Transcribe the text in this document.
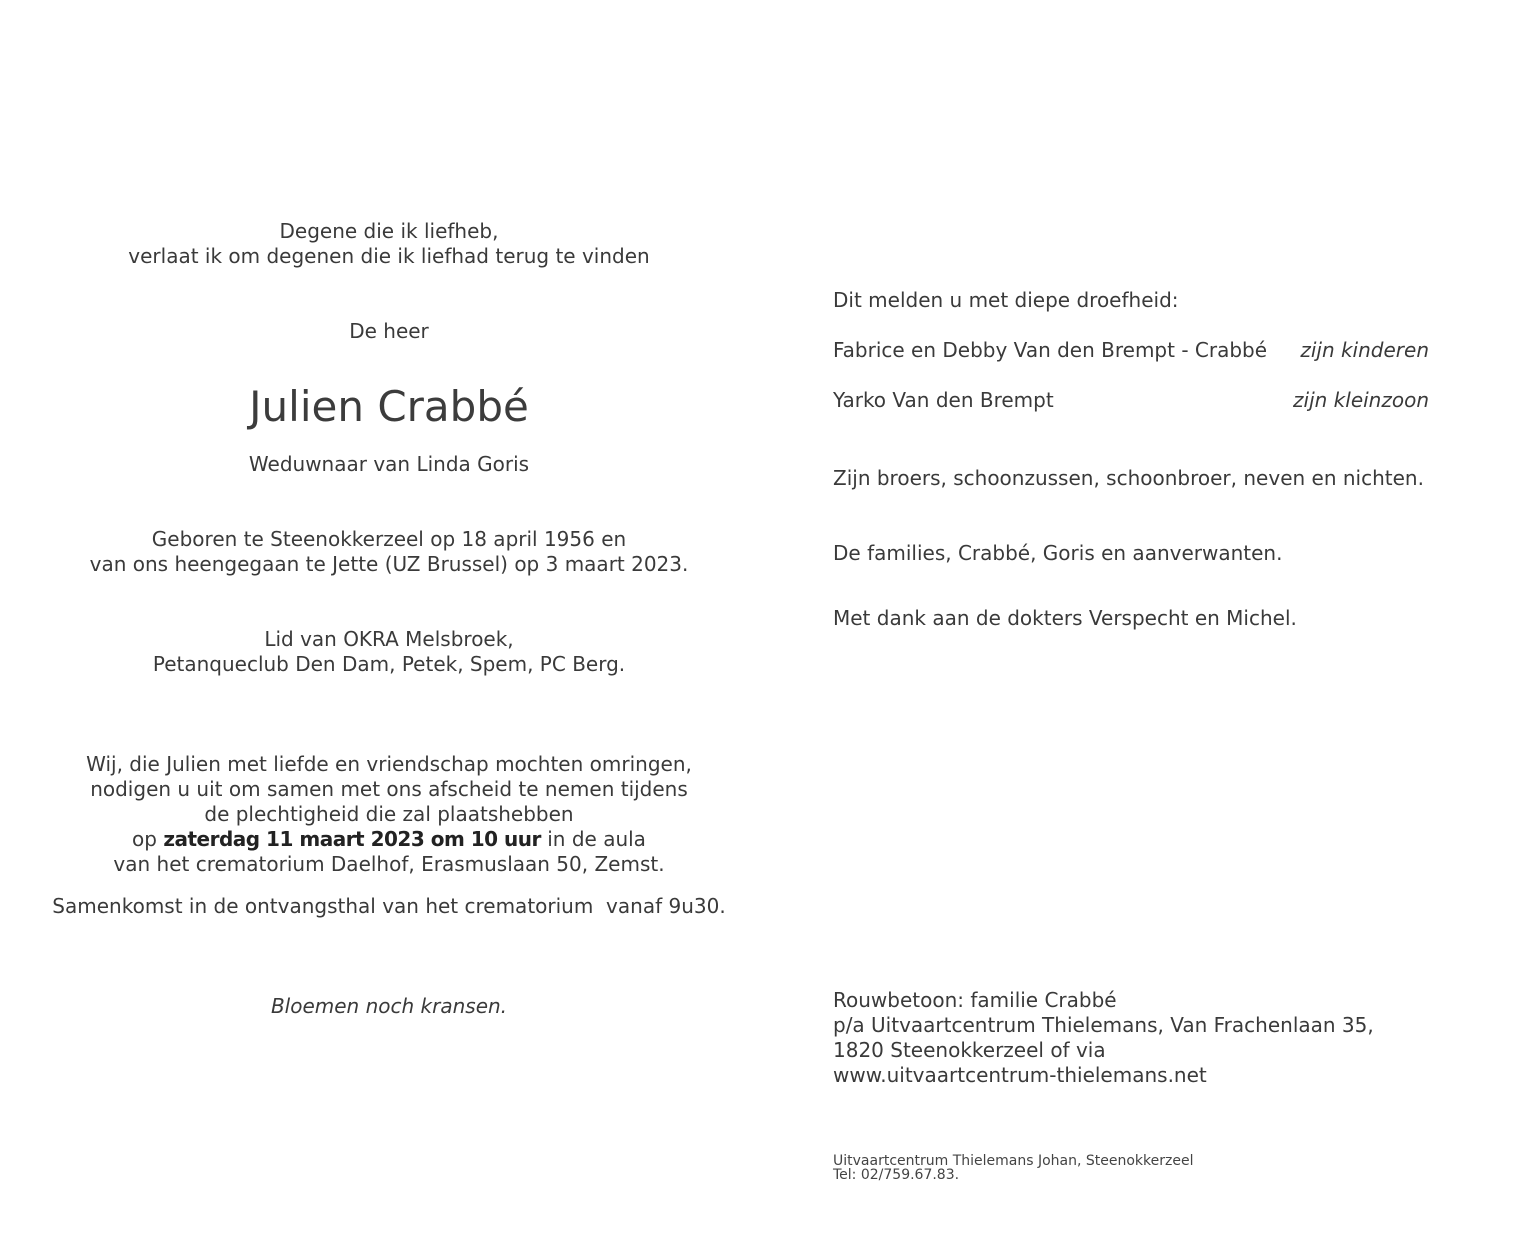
Degene die ik liefheb,
verlaat ik om degenen die ik liefhad terug te vinden
De heer
Julien Crabbé
Weduwnaar van Linda Goris
Geboren te Steenokkerzeel op 18 april 1956 en
van ons heengegaan te Jette (UZ Brussel) op 3 maart 2023.
Lid van OKRA Melsbroek,
Petanqueclub Den Dam, Petek, Spem, PC Berg.
Wij, die Julien met liefde en vriendschap mochten omringen,
nodigen u uit om samen met ons afscheid te nemen tijdens
de plechtigheid die zal plaatshebben
op zaterdag 11 maart 2023 om 10 uur in de aula
van het crematorium Daelhof, Erasmuslaan 50, Zemst.
Samenkomst in de ontvangsthal van het crematorium  vanaf 9u30.
Bloemen noch kransen.
Dit melden u met diepe droefheid:
Fabrice en Debby Van den Brempt - Crabbé zijn kinderen
Yarko Van den Brempt	zijn kleinzoon
Zijn broers, schoonzussen, schoonbroer, neven en nichten.
De families, Crabbé, Goris en aanverwanten.
Met dank aan de dokters Verspecht en Michel.
Rouwbetoon: familie Crabbé
p/a Uitvaartcentrum Thielemans, Van Frachenlaan 35,
1820 Steenokkerzeel of via
www.uitvaartcentrum-thielemans.net
Uitvaartcentrum Thielemans Johan, Steenokkerzeel
Tel: 02/759.67.83.
